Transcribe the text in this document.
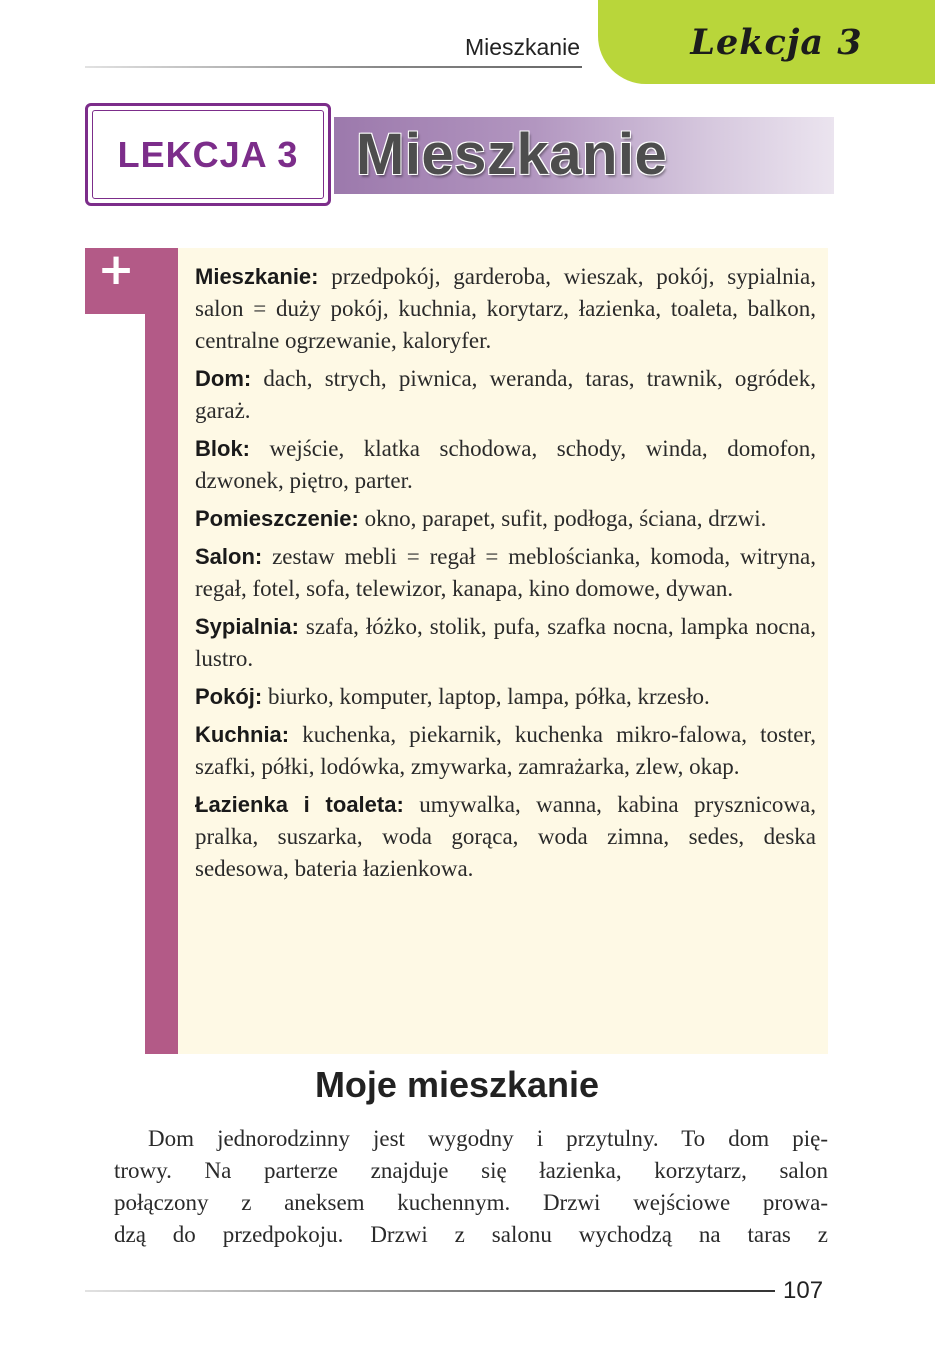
Mieszkanie	Lekcja 3
Mieszkanie
LEKCJA 3
+	Mieszkanie: przedpokój, garderoba, wieszak, pokój, sypialnia, salon = duży pokój, kuchnia, korytarz, łazienka, toaleta, balkon, centralne ogrzewanie, kaloryfer.

Dom: dach, strych, piwnica, weranda, taras, trawnik, ogródek, garaż.

Blok: wejście, klatka schodowa, schody, winda, domofon, dzwonek, piętro, parter.

Pomieszczenie: okno, parapet, sufit, podłoga, ściana, drzwi.

Salon: zestaw mebli = regał = meblościanka, komoda, witryna, regał, fotel, sofa, telewizor, kanapa, kino domowe, dywan.

Sypialnia: szafa, łóżko, stolik, pufa, szafka nocna, lampka nocna, lustro.

Pokój: biurko, komputer, laptop, lampa, półka, krzesło.

Kuchnia: kuchenka, piekarnik, kuchenka mikro-falowa, toster, szafki, półki, lodówka, zmywarka, zamrażarka, zlew, okap.

Łazienka i toaleta: umywalka, wanna, kabina prysznicowa, pralka, suszarka, woda gorąca, woda zimna, sedes, deska sedesowa, bateria łazienkowa.

Moje mieszkanie
Dom jednorodzinny jest wygodny i przytulny. To dom pię-
trowy. Na parterze znajduje się łazienka, korzytarz, salon
połączony z aneksem kuchennym. Drzwi wejściowe prowa-
dzą do przedpokoju. Drzwi z salonu wychodzą na taras z
107
